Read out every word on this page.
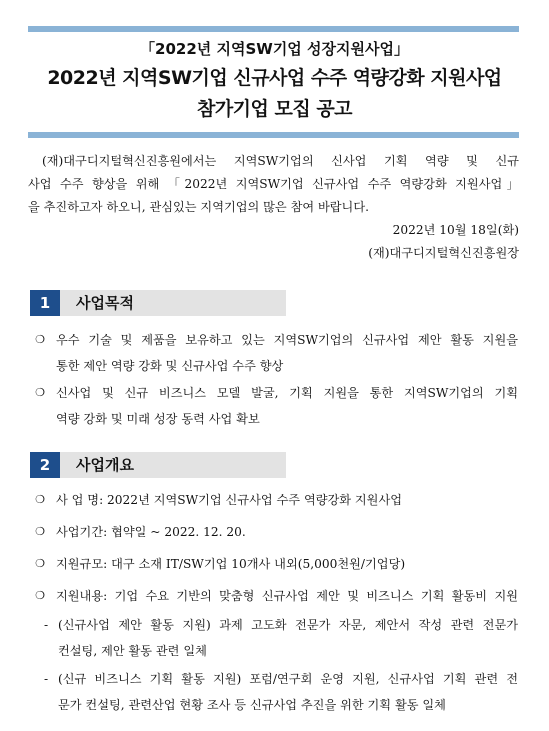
「2022년 지역SW기업 성장지원사업」
2022년 지역SW기업 신규사업 수주 역량강화 지원사업
참가기업 모집 공고

(재)대구디지털혁신진흥원에서는 지역SW기업의 신사업 기획 역량 및 신규

사업 수주 향상을 위해 「2022년 지역SW기업 신규사업 수주 역량강화 지원사업」

을 추진하고자 하오니, 관심있는 지역기업의 많은 참여 바랍니다.

2022년 10월 18일(화)

(재)대구디지털혁신진흥원장

1	사업목적
❍ 우수 기술 및 제품을 보유하고 있는 지역SW기업의 신규사업 제안 활동 지원을
통한 제안 역량 강화 및 신규사업 수주 향상
❍ 신사업 및 신규 비즈니스 모델 발굴, 기획 지원을 통한 지역SW기업의 기획
역량 강화 및 미래 성장 동력 사업 확보
2	사업개요
❍ 사 업 명: 2022년 지역SW기업 신규사업 수주 역량강화 지원사업
❍ 사업기간: 협약일 ~ 2022. 12. 20.
❍ 지원규모: 대구 소재 IT/SW기업 10개사 내외(5,000천원/기업당)
❍ 지원내용: 기업 수요 기반의 맞춤형 신규사업 제안 및 비즈니스 기획 활동비 지원
- (신규사업 제안 활동 지원) 과제 고도화 전문가 자문, 제안서 작성 관련 전문가
컨설팅, 제안 활동 관련 일체
- (신규 비즈니스 기획 활동 지원) 포럼/연구회 운영 지원, 신규사업 기획 관련 전
문가 컨설팅, 관련산업 현황 조사 등 신규사업 추진을 위한 기획 활동 일체
